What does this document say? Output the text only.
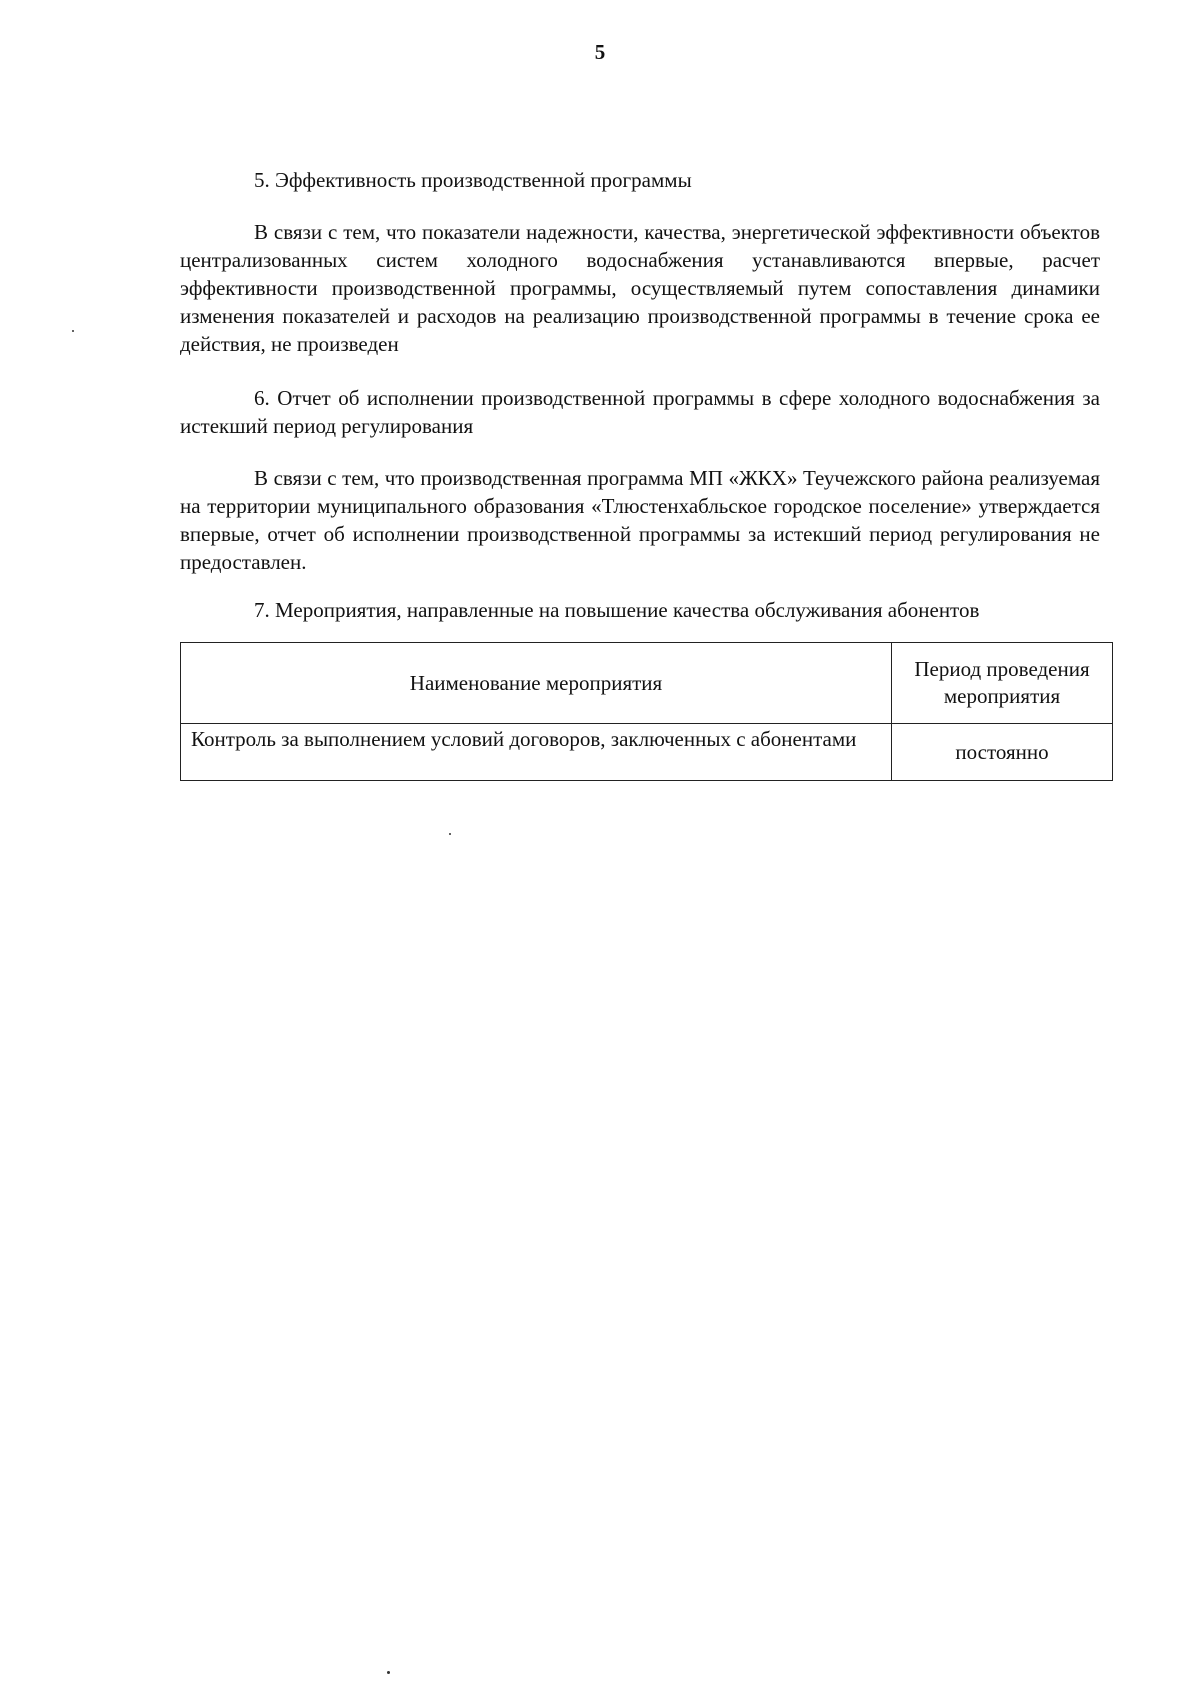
5
5. Эффективность производственной программы
В связи с тем, что показатели надежности, качества, энергетической эффективности объектов централизованных систем холодного водоснабжения устанавливаются впервые, расчет эффективности производственной программы, осуществляемый путем сопоставления динамики изменения показателей и расходов на реализацию производственной программы в течение срока ее действия, не произведен
6. Отчет об исполнении производственной программы в сфере холодного водоснабжения за истекший период регулирования
В связи с тем, что производственная программа МП «ЖКХ» Теучежского района реализуемая на территории муниципального образования «Тлюстенхабльское городское поселение» утверждается впервые, отчет об исполнении производственной программы за истекший период регулирования не предоставлен.
7. Мероприятия, направленные на повышение качества обслуживания абонентов
Наименование мероприятия	Период проведения мероприятия
Контроль за выполнением условий договоров, заключенных с абонентами	постоянно
